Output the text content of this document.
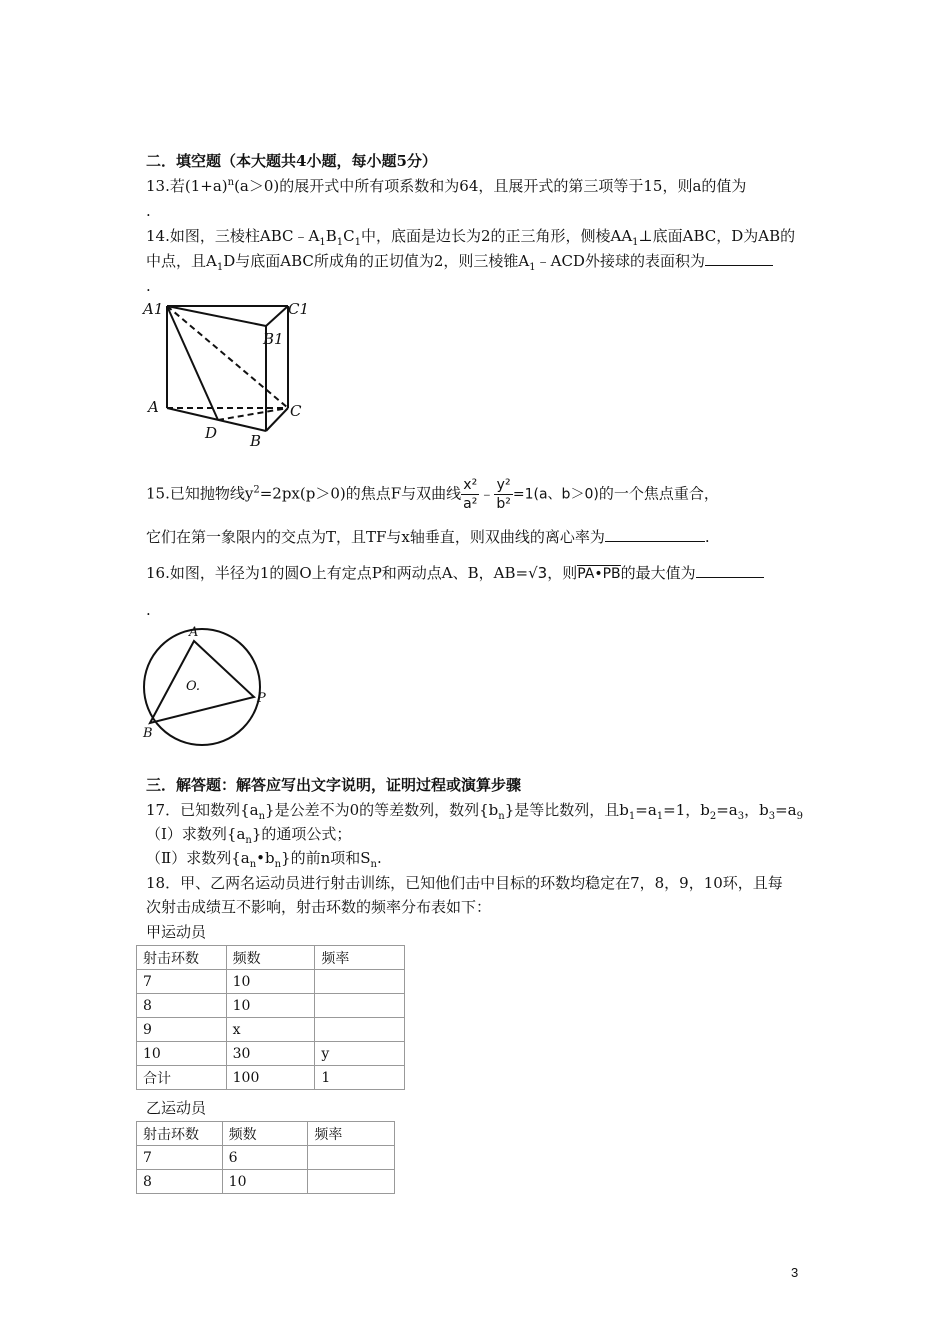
二．填空题（本大题共4小题，每小题5分）
13.若$(1+a)^n(a>0)$的展开式中所有项系数和为64，且展开式的第三项等于15，则a的值为
.
14.如图，三棱柱$ABC﹣A_1B_1C_1$中，底面是边长为2的正三角形，侧棱$AA_1\perp$底面ABC，D为AB的
中点，且$A_1D$与底面ABC所成角的正切值为2，则三棱锥$A_1﹣ACD$外接球的表面积为
.
A1	C1
B1
A
D B
C
15.已知抛物线$y^2=2px(p>0)$的焦点F与双曲线 $\frac{\text{x²}}{\text{a²}}$ ﹣ $\frac{\text{y²}}{\text{b²}} =1(a$、b＞0)的一个焦点重合，
它们在第一象限内的交点为T，且TF与x轴垂直，则双曲线的离心率为	.
16.如图，半径为1的圆O上有定点P和两动点A、B，AB=√3，则PA•PB的最大值为
.
A
O.
P
B
三．解答题：解答应写出文字说明，证明过程或演算步骤
17．已知数列$\{a_n\}$是公差不为0的等差数列，数列$\{b_n\}$是等比数列，且$b_1=a_1=1$，$b_2=a_3$，$b_3=a_9$
（Ⅰ）求数列$\{a_n\}$的通项公式；
（Ⅱ）求数列$\{a_n•b_n\}$的前n项和$S_n$.
18．甲、乙两名运动员进行射击训练，已知他们击中目标的环数均稳定在7，8，9，10环，且每
次射击成绩互不影响，射击环数的频率分布表如下：
甲运动员
射击环数	频数	频率
7	10	
8	10	
9	x	
10	30	y
合计	100	1
乙运动员
射击环数	频数	频率
7	6	
8	10	
3
